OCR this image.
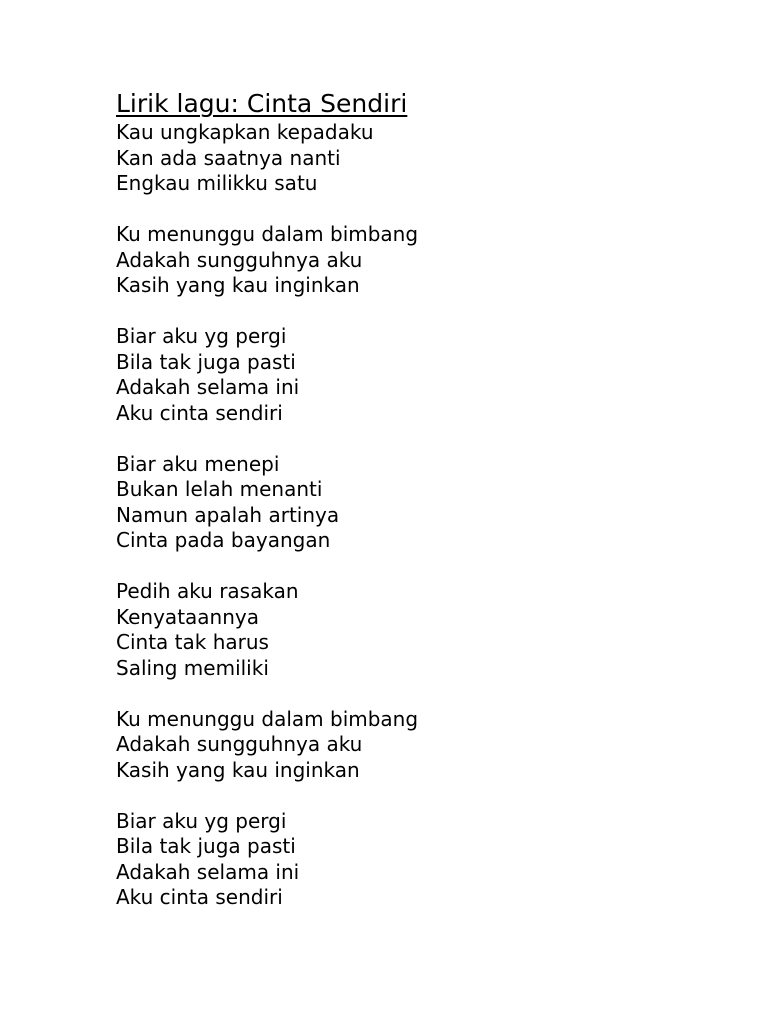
Lirik lagu: Cinta Sendiri

Kau ungkapkan kepadaku

Kan ada saatnya nanti

Engkau milikku satu

Ku menunggu dalam bimbang

Adakah sungguhnya aku

Kasih yang kau inginkan

Biar aku yg pergi

Bila tak juga pasti

Adakah selama ini

Aku cinta sendiri

Biar aku menepi

Bukan lelah menanti

Namun apalah artinya

Cinta pada bayangan

Pedih aku rasakan

Kenyataannya

Cinta tak harus

Saling memiliki

Ku menunggu dalam bimbang

Adakah sungguhnya aku

Kasih yang kau inginkan

Biar aku yg pergi

Bila tak juga pasti

Adakah selama ini

Aku cinta sendiri
